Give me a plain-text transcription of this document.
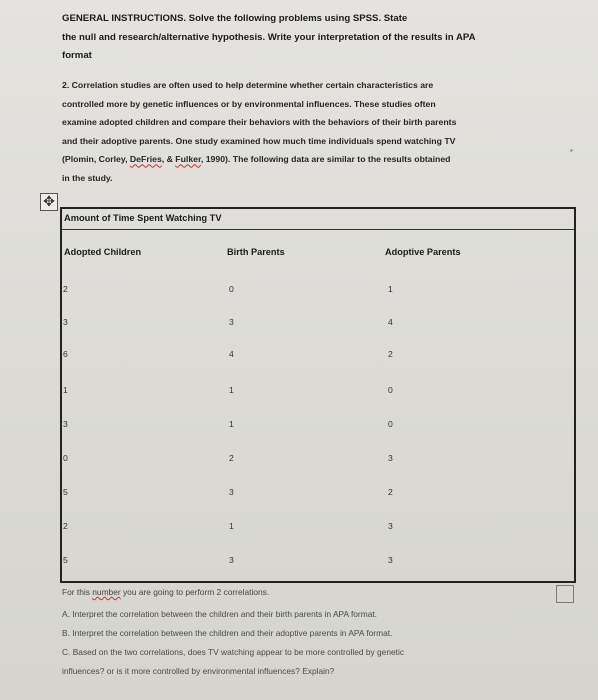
GENERAL INSTRUCTIONS. Solve the following problems using SPSS. State
the null and research/alternative hypothesis. Write your interpretation of the results in APA
format
2. Correlation studies are often used to help determine whether certain characteristics are
controlled more by genetic influences or by environmental influences. These studies often
examine adopted children and compare their behaviors with the behaviors of their birth parents
and their adoptive parents. One study examined how much time individuals spend watching TV
(Plomin, Corley, DeFries, & Fulker, 1990). The following data are similar to the results obtained
in the study.
▪
✥
Amount of Time Spent Watching TV
Adopted Children	Birth Parents	Adoptive Parents
2	0	1
3	3	4
6	4	2
1	1	0
3	1	0
0	2	3
5	3	2
2	1	3
5	3	3
For this number you are going to perform 2 correlations.
A. Interpret the correlation between the children and their birth parents in APA format.
B. Interpret the correlation between the children and their adoptive parents in APA format.
C. Based on the two correlations, does TV watching appear to be more controlled by genetic
influences? or is it more controlled by environmental influences? Explain?
